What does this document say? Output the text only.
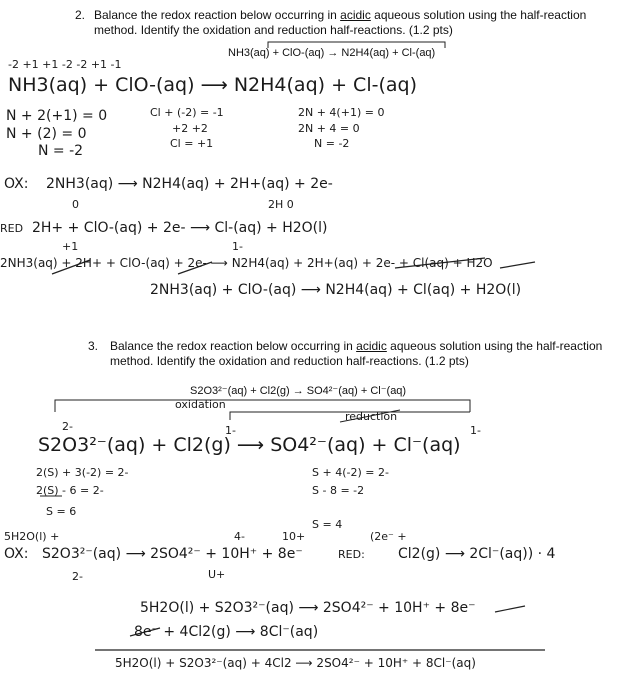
2. Balance the redox reaction below occurring in acidic aqueous solution using the half-reaction
method. Identify the oxidation and reduction half-reactions. (1.2 pts)
NH3(aq) + ClO-(aq) → N2H4(aq) + Cl-(aq)
-2 +1 +1 -2 -2 +1 -1
NH3(aq) + ClO-(aq) ⟶ N2H4(aq) + Cl-(aq)
N + 2(+1) = 0
N + (2) = 0
N = -2
Cl + (-2) = -1
+2 +2
Cl = +1
2N + 4(+1) = 0
2N + 4 = 0
N = -2
OX: 2NH3(aq) ⟶ N2H4(aq) + 2H+(aq) + 2e-
0	2H 0
RED 2H+ + ClO-(aq) + 2e- ⟶ Cl-(aq) + H2O(l)
+1	1-
2NH3(aq) + 2H+ + ClO-(aq) + 2e- ⟶ N2H4(aq) + 2H+(aq) + 2e- + Cl(aq) + H2O
2NH3(aq) + ClO-(aq) ⟶ N2H4(aq) + Cl(aq) + H2O(l)
3. Balance the redox reaction below occurring in acidic aqueous solution using the half-reaction
method. Identify the oxidation and reduction half-reactions. (1.2 pts)
S2O3²⁻(aq) + Cl2(g) → SO4²⁻(aq) + Cl⁻(aq)
oxidation
reduction
2-	1-	1-
S2O3²⁻(aq) + Cl2(g) ⟶ SO4²⁻(aq) + Cl⁻(aq)
2(S) + 3(-2) = 2-
2(S) - 6 = 2-
S = 6
S + 4(-2) = 2-
S - 8 = -2
S = 4
5H2O(l) +	4-	10+
OX: S2O3²⁻(aq) ⟶ 2SO4²⁻ + 10H⁺ + 8e⁻
2-	U+
(2e⁻ +
RED: Cl2(g) ⟶ 2Cl⁻(aq)) · 4
5H2O(l) + S2O3²⁻(aq) ⟶ 2SO4²⁻ + 10H⁺ + 8e⁻
8e⁻ + 4Cl2(g) ⟶ 8Cl⁻(aq)
5H2O(l) + S2O3²⁻(aq) + 4Cl2 ⟶ 2SO4²⁻ + 10H⁺ + 8Cl⁻(aq)
